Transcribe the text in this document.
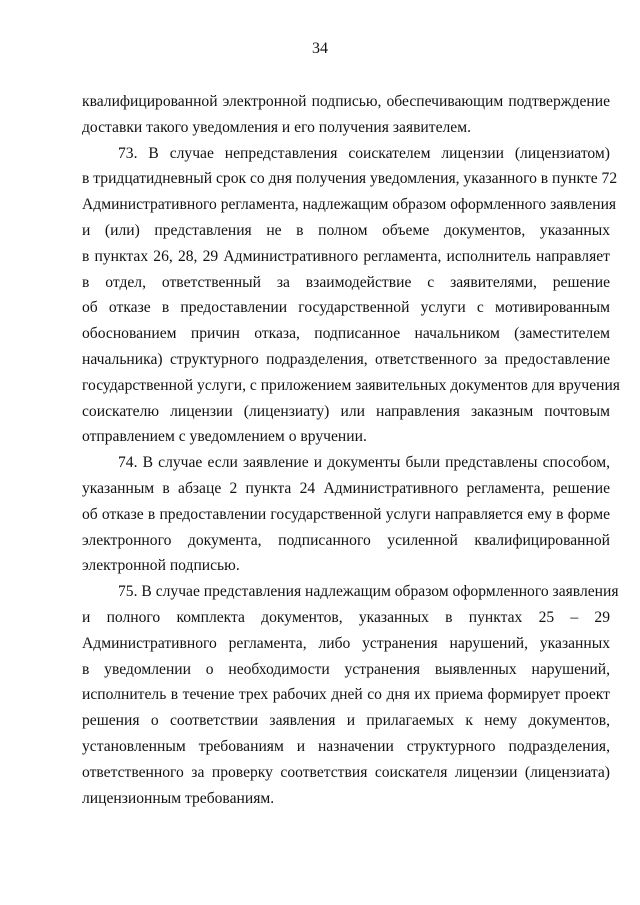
34
квалифицированной электронной подписью, обеспечивающим подтверждение
доставки такого уведомления и его получения заявителем.
73. В случае непредставления соискателем лицензии (лицензиатом)
в тридцатидневный срок со дня получения уведомления, указанного в пункте 72
Административного регламента, надлежащим образом оформленного заявления
и (или) представления не в полном объеме документов, указанных
в пунктах 26, 28, 29 Административного регламента, исполнитель направляет
в отдел, ответственный за взаимодействие с заявителями, решение
об отказе в предоставлении государственной услуги с мотивированным
обоснованием причин отказа, подписанное начальником (заместителем
начальника) структурного подразделения, ответственного за предоставление
государственной услуги, с приложением заявительных документов для вручения
соискателю лицензии (лицензиату) или направления заказным почтовым
отправлением с уведомлением о вручении.
74. В случае если заявление и документы были представлены способом,
указанным в абзаце 2 пункта 24 Административного регламента, решение
об отказе в предоставлении государственной услуги направляется ему в форме
электронного документа, подписанного усиленной квалифицированной
электронной подписью.
75. В случае представления надлежащим образом оформленного заявления
и полного комплекта документов, указанных в пунктах 25 – 29
Административного регламента, либо устранения нарушений, указанных
в уведомлении о необходимости устранения выявленных нарушений,
исполнитель в течение трех рабочих дней со дня их приема формирует проект
решения о соответствии заявления и прилагаемых к нему документов,
установленным требованиям и назначении структурного подразделения,
ответственного за проверку соответствия соискателя лицензии (лицензиата)
лицензионным требованиям.
